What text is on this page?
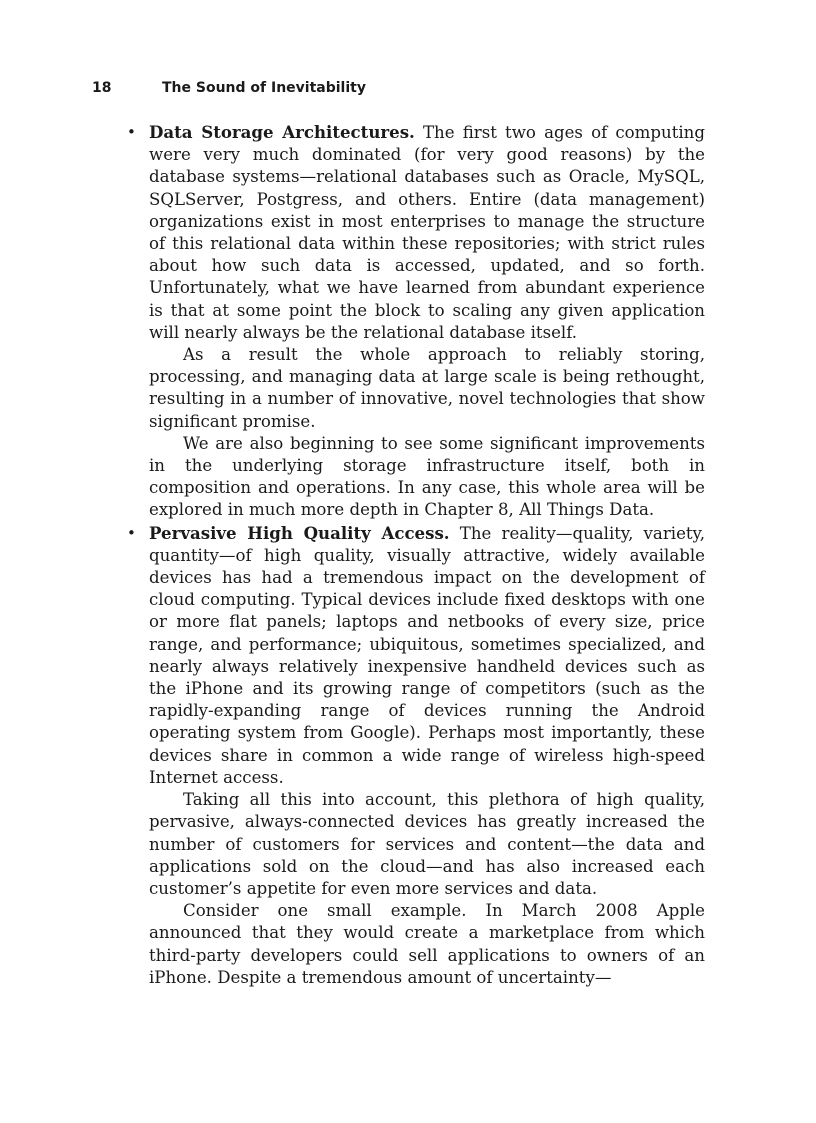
18	The Sound of Inevitability
• Data Storage Architectures. The first two ages of computing were very much dominated (for very good reasons) by the database systems—relational databases such as Oracle, MySQL, SQLServer, Postgress, and others. Entire (data management) organizations exist in most enterprises to manage the structure of this relational data within these repositories; with strict rules about how such data is accessed, updated, and so forth. Unfortunately, what we have learned from abundant experience is that at some point the block to scaling any given application will nearly always be the relational database itself.

As a result the whole approach to reliably storing, processing, and managing data at large scale is being rethought, resulting in a number of innovative, novel technologies that show significant promise.

We are also beginning to see some significant improvements in the underlying storage infrastructure itself, both in composition and operations. In any case, this whole area will be explored in much more depth in Chapter 8, All Things Data.

• Pervasive High Quality Access. The reality—quality, variety, quantity—of high quality, visually attractive, widely available devices has had a tremendous impact on the development of cloud computing. Typical devices include fixed desktops with one or more flat panels; laptops and netbooks of every size, price range, and performance; ubiquitous, sometimes specialized, and nearly always relatively inexpensive handheld devices such as the iPhone and its growing range of competitors (such as the rapidly-expanding range of devices running the Android operating system from Google). Perhaps most importantly, these devices share in common a wide range of wireless high-speed Internet access.

Taking all this into account, this plethora of high quality, pervasive, always-connected devices has greatly increased the number of customers for services and content—the data and applications sold on the cloud—and has also increased each customer’s appetite for even more services and data.

Consider one small example. In March 2008 Apple announced that they would create a marketplace from which third-party developers could sell applications to owners of an iPhone. Despite a tremendous amount of uncertainty—
